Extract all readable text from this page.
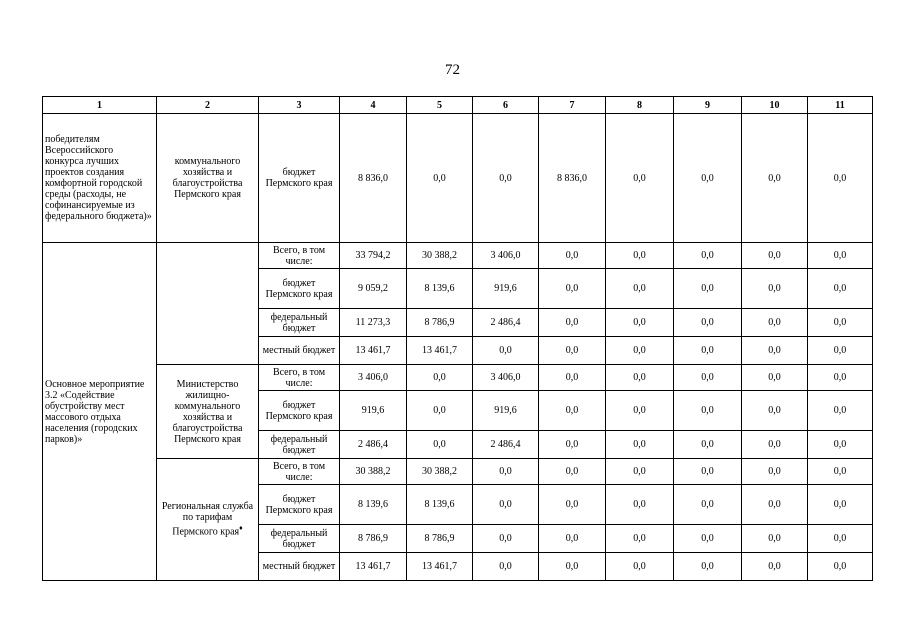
72
1	2	3	4	5	6	7	8	9	10	11
победителям Всероссийского конкурса лучших проектов создания комфортной городской среды (расходы, не софинансируемые из федерального бюджета)»	коммунального хозяйства и благоустройства Пермского края	бюджет Пермского края	8 836,0	0,0	0,0	8 836,0	0,0	0,0	0,0	0,0
Основное мероприятие 3.2 «Содействие обустройству мест массового отдыха населения (городских парков)»		Всего, в том числе:	33 794,2	30 388,2	3 406,0	0,0	0,0	0,0	0,0	0,0
		бюджет Пермского края	9 059,2	8 139,6	919,6	0,0	0,0	0,0	0,0	0,0
		федеральный бюджет	11 273,3	8 786,9	2 486,4	0,0	0,0	0,0	0,0	0,0
		местный бюджет	13 461,7	13 461,7	0,0	0,0	0,0	0,0	0,0	0,0
	Министерство жилищно-коммунального хозяйства и благоустройства Пермского края	Всего, в том числе:	3 406,0	0,0	3 406,0	0,0	0,0	0,0	0,0	0,0
		бюджет Пермского края	919,6	0,0	919,6	0,0	0,0	0,0	0,0	0,0
		федеральный бюджет	2 486,4	0,0	2 486,4	0,0	0,0	0,0	0,0	0,0
	Региональная служба по тарифам Пермского края♦	Всего, в том числе:	30 388,2	30 388,2	0,0	0,0	0,0	0,0	0,0	0,0
		бюджет Пермского края	8 139,6	8 139,6	0,0	0,0	0,0	0,0	0,0	0,0
		федеральный бюджет	8 786,9	8 786,9	0,0	0,0	0,0	0,0	0,0	0,0
		местный бюджет	13 461,7	13 461,7	0,0	0,0	0,0	0,0	0,0	0,0
